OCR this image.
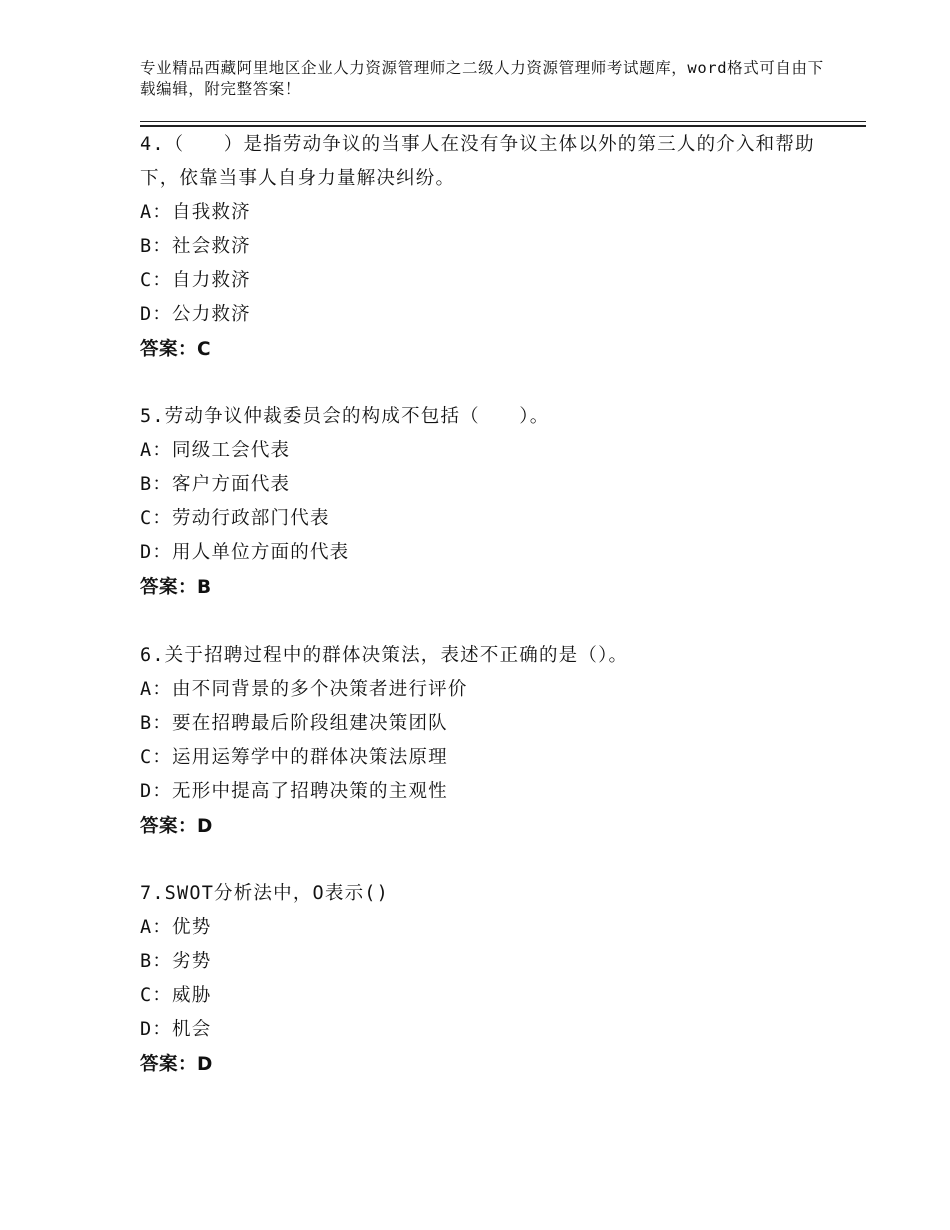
专业精品西藏阿里地区企业人力资源管理师之二级人力资源管理师考试题库，word格式可自由下载编辑，附完整答案！

4.（　　）是指劳动争议的当事人在没有争议主体以外的第三人的介入和帮助下，依靠当事人自身力量解决纠纷。

A：自我救济

B：社会救济

C：自力救济

D：公力救济

答案：C

5.劳动争议仲裁委员会的构成不包括（　　）。

A：同级工会代表

B：客户方面代表

C：劳动行政部门代表

D：用人单位方面的代表

答案：B

6.关于招聘过程中的群体决策法，表述不正确的是（）。

A：由不同背景的多个决策者进行评价

B：要在招聘最后阶段组建决策团队

C：运用运筹学中的群体决策法原理

D：无形中提高了招聘决策的主观性

答案：D

7.SWOT分析法中，O表示()

A：优势

B：劣势

C：威胁

D：机会

答案：D
